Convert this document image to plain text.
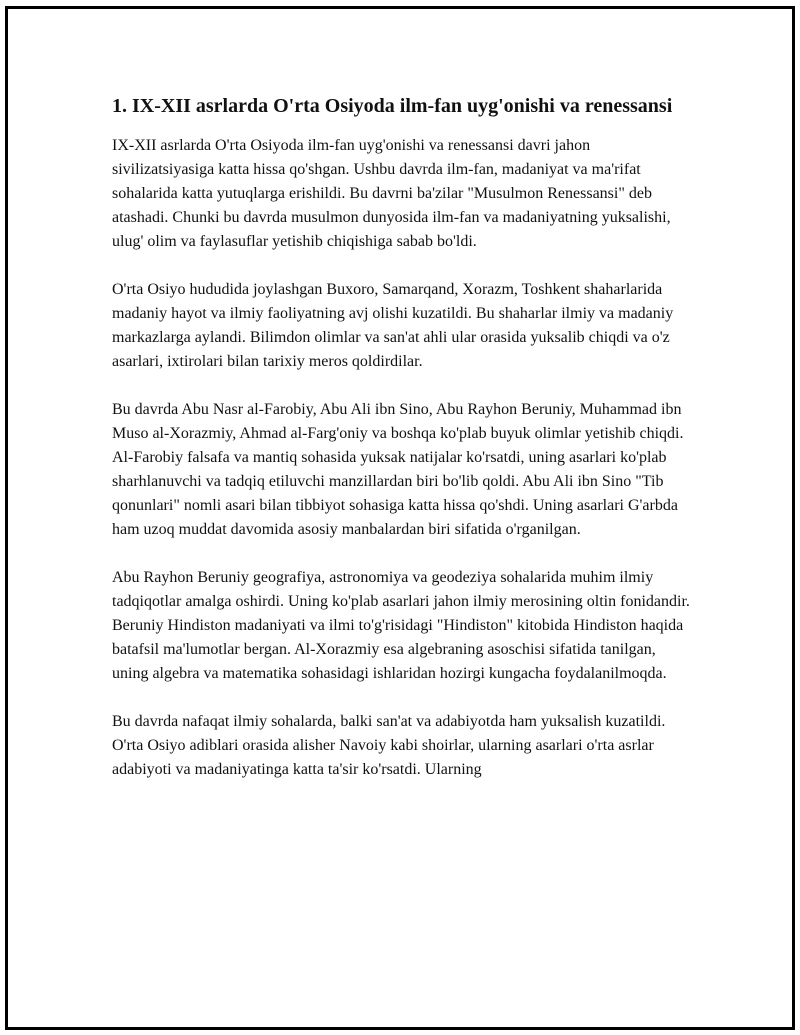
1. IX-XII asrlarda O'rta Osiyoda ilm-fan uyg'onishi va renessansi

IX-XII asrlarda O'rta Osiyoda ilm-fan uyg'onishi va renessansi davri jahon sivilizatsiyasiga katta hissa qo'shgan. Ushbu davrda ilm-fan, madaniyat va ma'rifat sohalarida katta yutuqlarga erishildi. Bu davrni ba'zilar "Musulmon Renessansi" deb atashadi. Chunki bu davrda musulmon dunyosida ilm-fan va madaniyatning yuksalishi, ulug' olim va faylasuflar yetishib chiqishiga sabab bo'ldi.

O'rta Osiyo hududida joylashgan Buxoro, Samarqand, Xorazm, Toshkent shaharlarida madaniy hayot va ilmiy faoliyatning avj olishi kuzatildi. Bu shaharlar ilmiy va madaniy markazlarga aylandi. Bilimdon olimlar va san'at ahli ular orasida yuksalib chiqdi va o'z asarlari, ixtirolari bilan tarixiy meros qoldirdilar.

Bu davrda Abu Nasr al-Farobiy, Abu Ali ibn Sino, Abu Rayhon Beruniy, Muhammad ibn Muso al-Xorazmiy, Ahmad al-Farg'oniy va boshqa ko'plab buyuk olimlar yetishib chiqdi. Al-Farobiy falsafa va mantiq sohasida yuksak natijalar ko'rsatdi, uning asarlari ko'plab sharhlanuvchi va tadqiq etiluvchi manzillardan biri bo'lib qoldi. Abu Ali ibn Sino "Tib qonunlari" nomli asari bilan tibbiyot sohasiga katta hissa qo'shdi. Uning asarlari G'arbda ham uzoq muddat davomida asosiy manbalardan biri sifatida o'rganilgan.

Abu Rayhon Beruniy geografiya, astronomiya va geodeziya sohalarida muhim ilmiy tadqiqotlar amalga oshirdi. Uning ko'plab asarlari jahon ilmiy merosining oltin fonidandir. Beruniy Hindiston madaniyati va ilmi to'g'risidagi "Hindiston" kitobida Hindiston haqida batafsil ma'lumotlar bergan. Al-Xorazmiy esa algebraning asoschisi sifatida tanilgan, uning algebra va matematika sohasidagi ishlaridan hozirgi kungacha foydalanilmoqda.

Bu davrda nafaqat ilmiy sohalarda, balki san'at va adabiyotda ham yuksalish kuzatildi. O'rta Osiyo adiblari orasida alisher Navoiy kabi shoirlar, ularning asarlari o'rta asrlar adabiyoti va madaniyatinga katta ta'sir ko'rsatdi. Ularning
